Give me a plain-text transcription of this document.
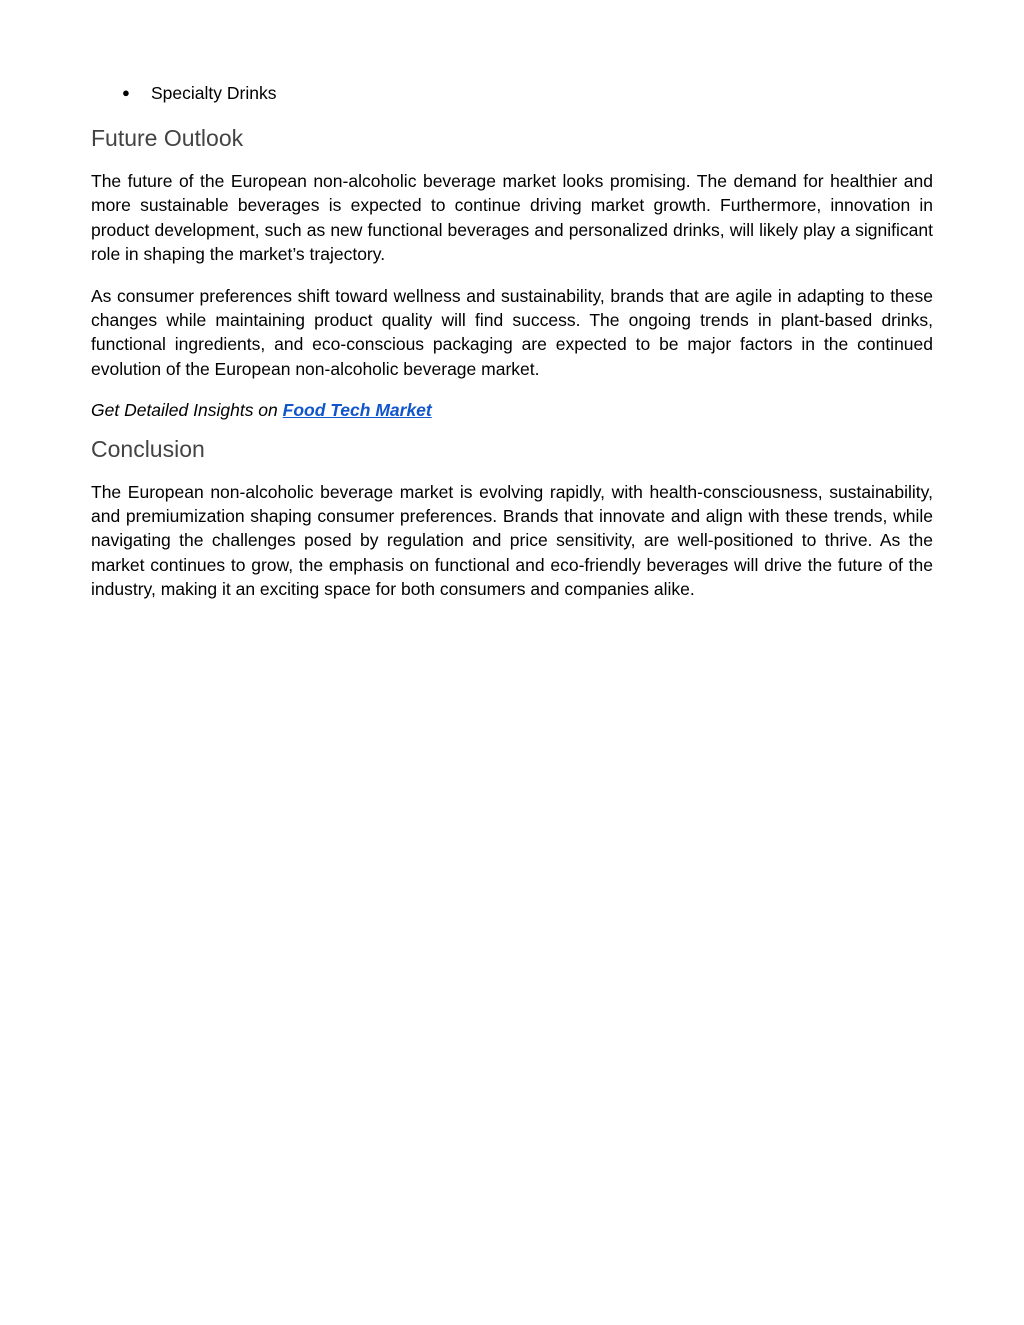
● Specialty Drinks
Future Outlook

The future of the European non-alcoholic beverage market looks promising. The demand for healthier and more sustainable beverages is expected to continue driving market growth. Furthermore, innovation in product development, such as new functional beverages and personalized drinks, will likely play a significant role in shaping the market’s trajectory.

As consumer preferences shift toward wellness and sustainability, brands that are agile in adapting to these changes while maintaining product quality will find success. The ongoing trends in plant-based drinks, functional ingredients, and eco-conscious packaging are expected to be major factors in the continued evolution of the European non-alcoholic beverage market.

Get Detailed Insights on Food Tech Market

Conclusion

The European non-alcoholic beverage market is evolving rapidly, with health-consciousness, sustainability, and premiumization shaping consumer preferences. Brands that innovate and align with these trends, while navigating the challenges posed by regulation and price sensitivity, are well-positioned to thrive. As the market continues to grow, the emphasis on functional and eco-friendly beverages will drive the future of the industry, making it an exciting space for both consumers and companies alike.
